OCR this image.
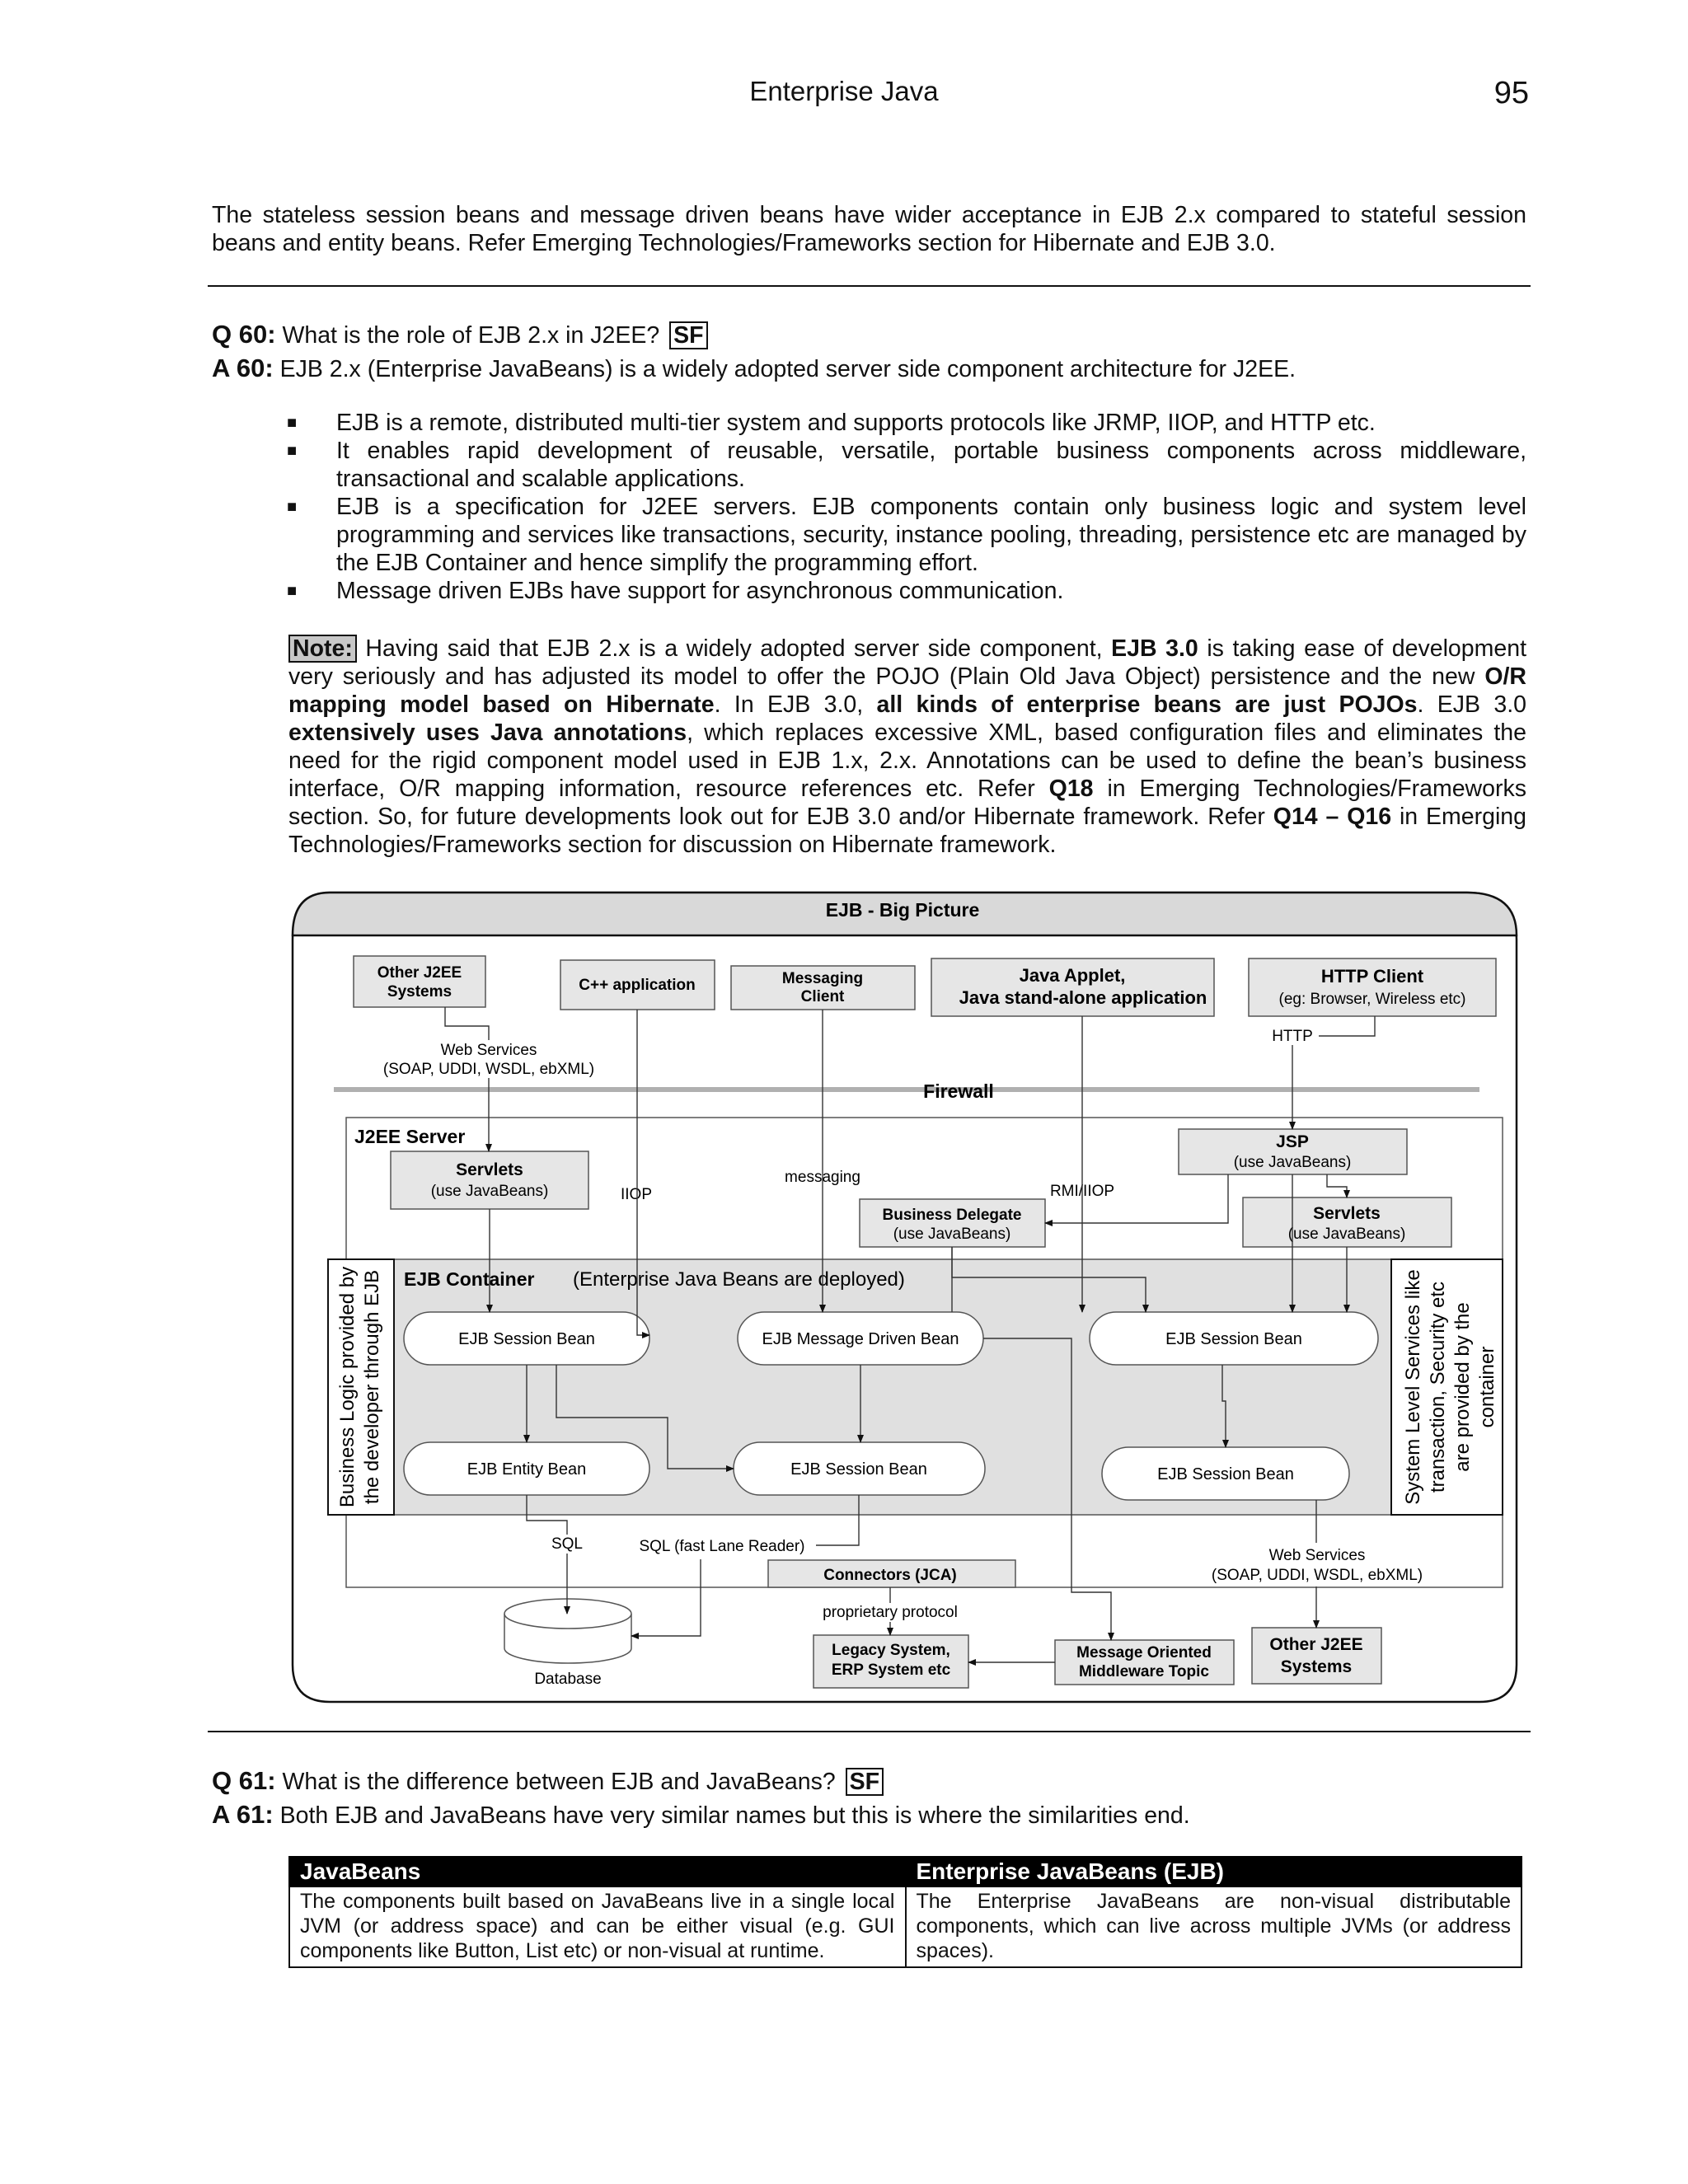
Enterprise Java	95
The stateless session beans and message driven beans have wider acceptance in EJB 2.x compared to stateful session beans and entity beans. Refer Emerging Technologies/Frameworks section for Hibernate and EJB 3.0.
Q 60: What is the role of EJB 2.x in J2EE? SF
A 60: EJB 2.x (Enterprise JavaBeans) is a widely adopted server side component architecture for J2EE.
■	EJB is a remote, distributed multi-tier system and supports protocols like JRMP, IIOP, and HTTP etc.
■	It enables rapid development of reusable, versatile, portable business components across middleware, transactional and scalable applications.
■	EJB is a specification for J2EE servers. EJB components contain only business logic and system level programming and services like transactions, security, instance pooling, threading, persistence etc are managed by the EJB Container and hence simplify the programming effort.
■	Message driven EJBs have support for asynchronous communication.
Note: Having said that EJB 2.x is a widely adopted server side component, EJB 3.0 is taking ease of development very seriously and has adjusted its model to offer the POJO (Plain Old Java Object) persistence and the new O/R mapping model based on Hibernate. In EJB 3.0, all kinds of enterprise beans are just POJOs. EJB 3.0 extensively uses Java annotations, which replaces excessive XML, based configuration files and eliminates the need for the rigid component model used in EJB 1.x, 2.x. Annotations can be used to define the bean’s business interface, O/R mapping information, resource references etc. Refer Q18 in Emerging Technologies/Frameworks section. So, for future developments look out for EJB 3.0 and/or Hibernate framework. Refer Q14 – Q16 in Emerging Technologies/Frameworks section for discussion on Hibernate framework.
EJB - Big Picture
Other J2EE
Systems	C++ application	Messaging
Client
Java Applet,
Java stand-alone application
HTTP Client
(eg: Browser, Wireless etc)
Web Services
(SOAP, UDDI, WSDL, ebXML)
HTTP
Firewall
J2EE Server
Servlets
(use JavaBeans)	IIOP
messaging
RMI/IIOP
JSP
(use JavaBeans)
Business Delegate
(use JavaBeans)
Servlets
(use JavaBeans)
EJB Container (Enterprise Java Beans are deployed)
Business Logic provided by the developer through EJB	System Level Services like transaction, Security etc are provided by the container
EJB Session Bean	EJB Message Driven Bean	EJB Session Bean
EJB Entity Bean	EJB Session Bean	EJB Session Bean
SQL	SQL (fast Lane Reader)
Connectors (JCA)
Web Services
(SOAP, UDDI, WSDL, ebXML)
proprietary protocol
Database
Legacy System,
ERP System etc
Message Oriented
Middleware Topic
Other J2EE
Systems
Q 61: What is the difference between EJB and JavaBeans? SF
A 61: Both EJB and JavaBeans have very similar names but this is where the similarities end.
JavaBeans	Enterprise JavaBeans (EJB)
The components built based on JavaBeans live in a single local JVM (or address space) and can be either visual (e.g. GUI components like Button, List etc) or non-visual at runtime.	The Enterprise JavaBeans are non-visual distributable components, which can live across multiple JVMs (or address spaces).
